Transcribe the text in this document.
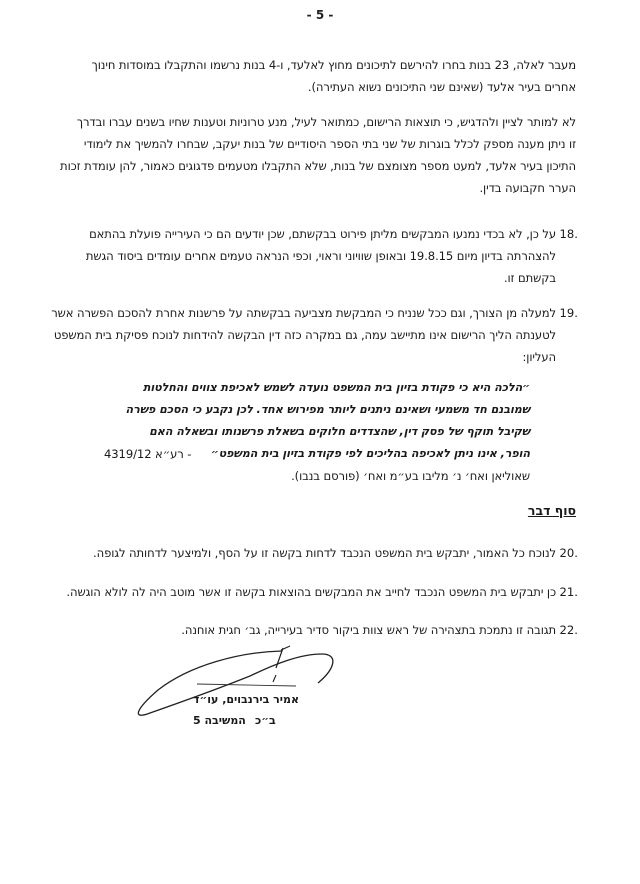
- 5 -
מעבר לאלה, 23 בנות בחרו להירשם לתיכונים מחוץ לאלעד, ו-4 בנות נרשמו והתקבלו במוסדות חינוך
אחרים בעיר אלעד (שאינם שני התיכונים נשוא העתירה).
לא למותר לציין ולהדגיש, כי תוצאות הרישום, כמתואר לעיל, מנע טרוניות וטענות שחיו בשנים עברו ובדרך
זו ניתן מענה מספק לכלל בוגרות של שני בתי הספר היסודיים של בנות יעקב, שבחרו להמשיך את לימודי
התיכון בעיר אלעד, למעט מספר מצומצם של בנות, שלא התקבלו מטעמים פדגוגים כאמור, להן עומדת זכות
הערר חקבועה בדין.
18.
על כן, לא בכדי נמנעו המבקשים מליתן פירוט בבקשתם, שכן יודעים הם כי העירייה פועלת בהתאם
להצהרתה בדיון מיום 19.8.15 ובאופן שוויוני וראוי, וכפי הנראה טעמים אחרים עומדים ביסוד הגשת
בקשתם זו.
19.
למעלה מן הצורך, וגם ככל שנניח כי המבקשת מצביעה בבקשתה על פרשנות אחרת להסכם הפשרה אשר
לטענתה הליך הרישום אינו מתיישב עמה, גם במקרה כזה דין הבקשה להידחות לנוכח פסיקת בית המשפט
העליון:
״הלכה היא כי פקודת בזיון בית המשפט נועדה לשמש לאכיפת צווים והחלטות
שמובנם חד משמעי ושאינם ניתנים ליותר מפירוש אחד. לכן נקבע כי הסכם פשרה
שקיבל תוקף של פסק דין, שהצדדים חלוקים בשאלת פרשנותו ובשאלה האם
הופר, אינו ניתן לאכיפה בהליכים לפי פקודת בזיון בית המשפט״
- רע״א 4319/12
שאוליאן ואח׳ נ׳ מליבו בע״מ ואח׳ (פורסם בנבו).
סוף דבר
20.
לנוכח כל האמור, יתבקש בית המשפט הנכבד לדחות בקשה זו על הסף, ולמיצער לדחותה לגופה.
21.
כן יתבקש בית המשפט הנכבד לחייב את המבקשים בהוצאות בקשה זו אשר מוטב היה לה לולא הוגשה.
22.
תגובה זו נתמכת בתצהירה של ראש צוות ביקור סדיר בעירייה, גב׳ חגית אוחנה.
אמיר בירנבוים, עו״ד
ב״כ
המשיבה 5
